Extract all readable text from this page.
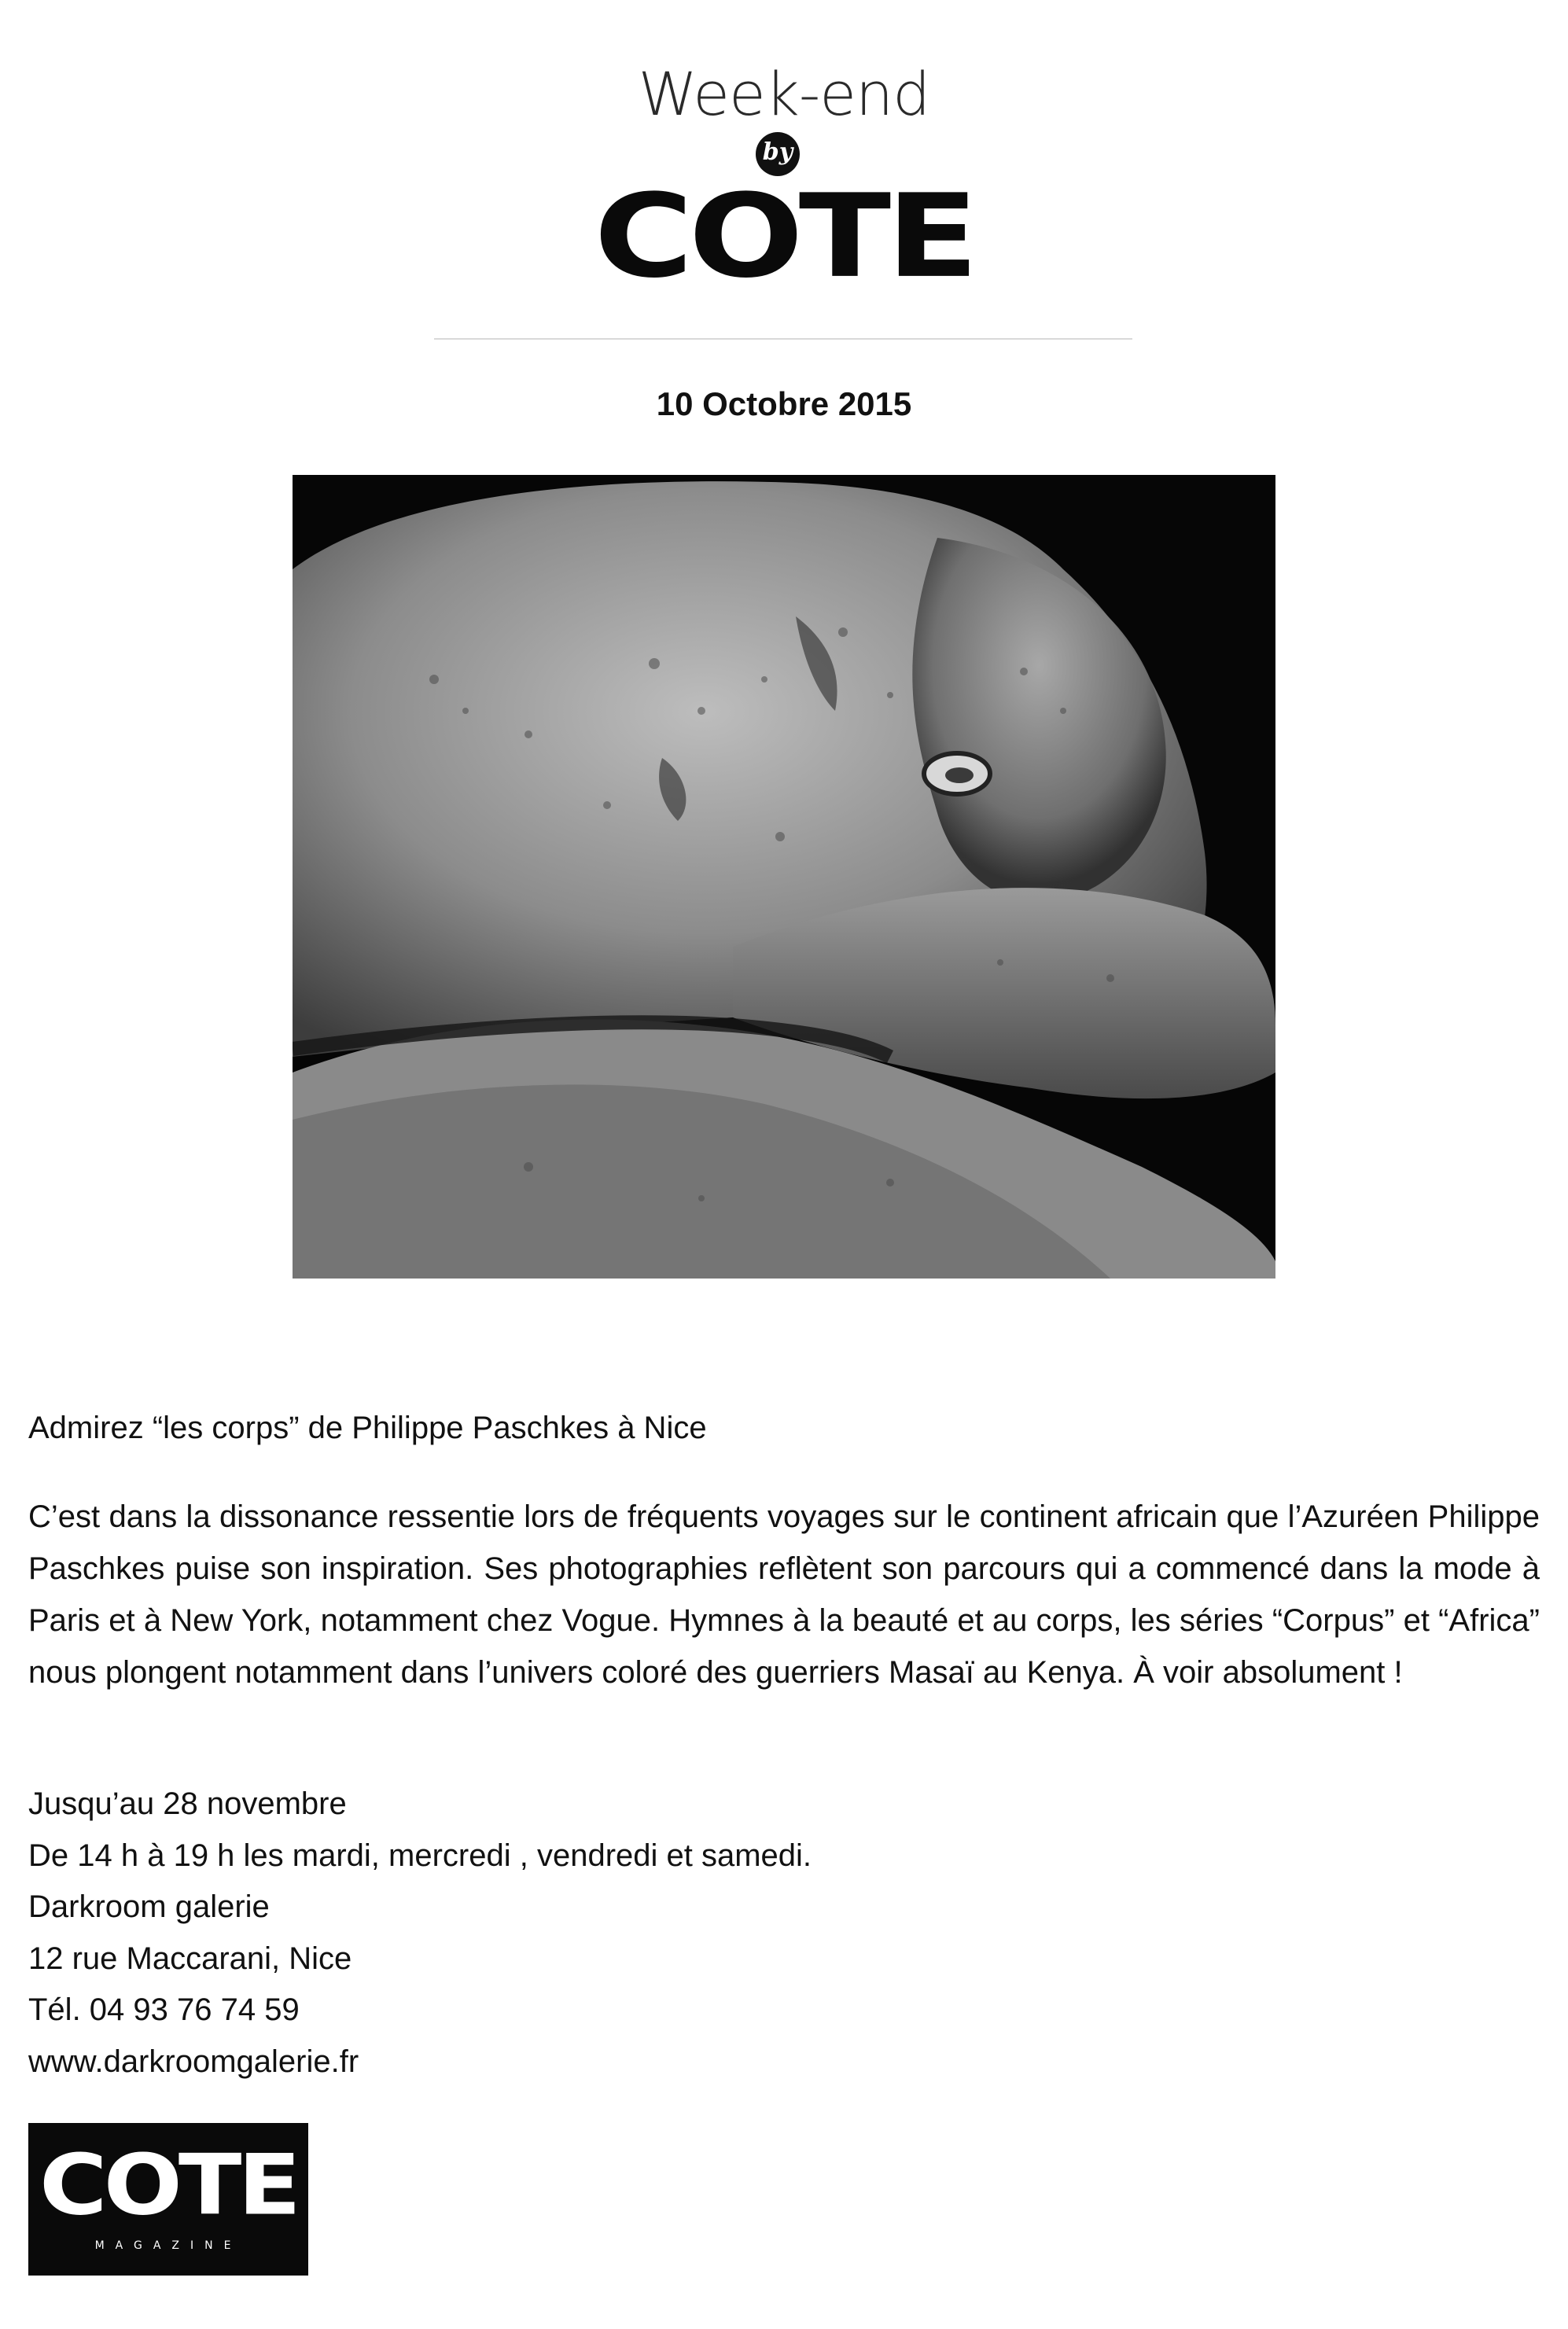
Week-end
by
COTE
10 Octobre 2015
Admirez “les corps” de Philippe Paschkes à Nice
C’est dans la dissonance ressentie lors de fréquents voyages sur le continent africain que l’Azuréen Philippe Paschkes puise son inspiration. Ses photographies reflètent son parcours qui a commencé dans la mode à Paris et à New York, notamment chez Vogue. Hymnes à la beauté et au corps, les séries “Corpus” et “Africa” nous plongent notamment dans l’univers coloré des guerriers Masaï au Kenya. À voir absolument !
Jusqu’au 28 novembre
De 14 h à 19 h les mardi, mercredi , vendredi et samedi.
Darkroom galerie
12 rue Maccarani, Nice
Tél. 04 93 76 74 59
www.darkroomgalerie.fr
COTE
MAGAZINE
